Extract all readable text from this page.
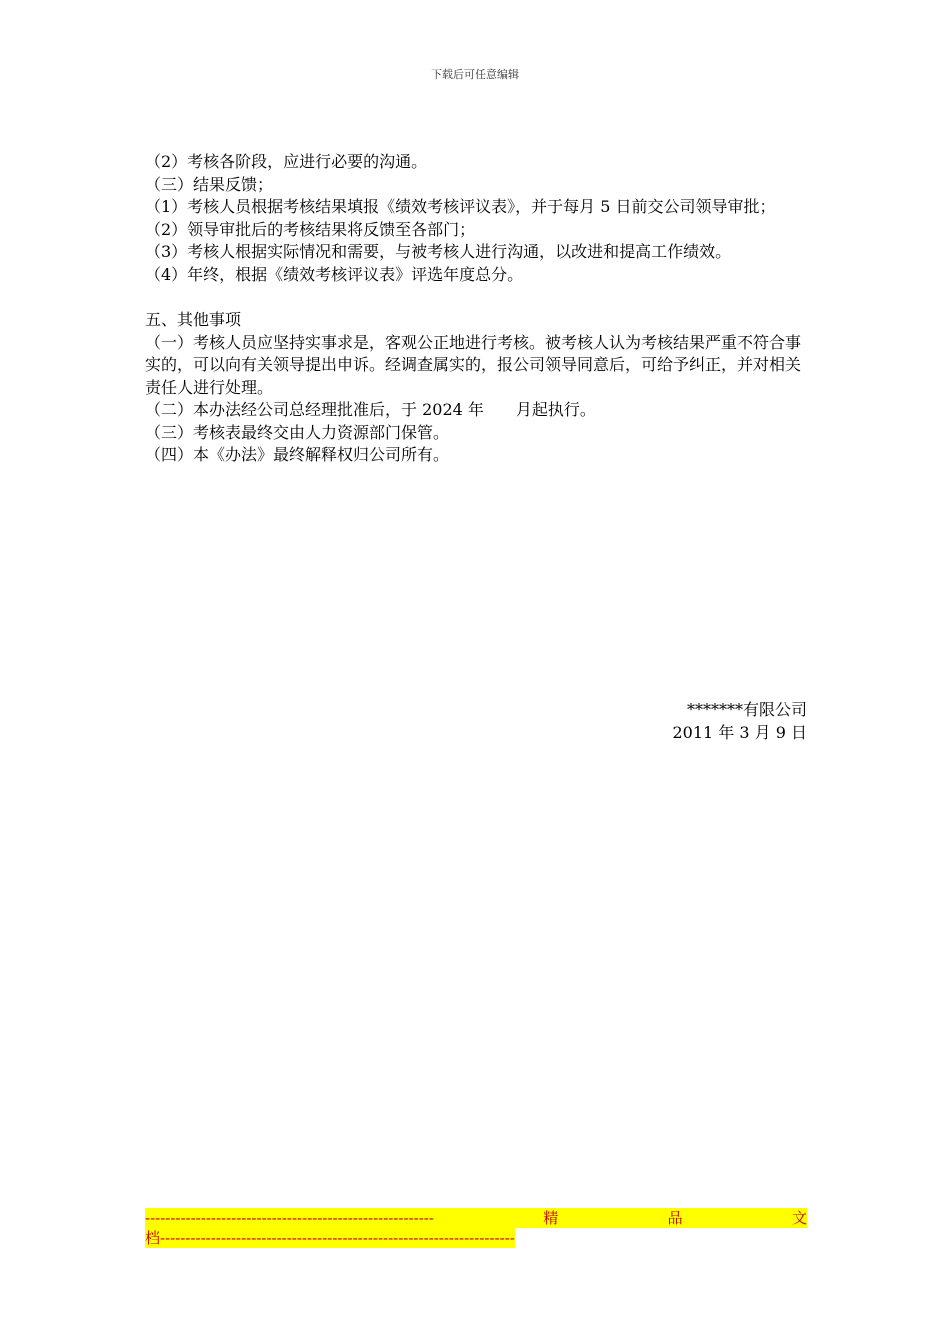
下载后可任意编辑

（2）考核各阶段，应进行必要的沟通。

（三）结果反馈；

（1）考核人员根据考核结果填报《绩效考核评议表》，并于每月 5 日前交公司领导审批；

（2）领导审批后的考核结果将反馈至各部门；

（3）考核人根据实际情况和需要，与被考核人进行沟通，以改进和提高工作绩效。

（4）年终，根据《绩效考核评议表》评选年度总分。

五、其他事项

（一）考核人员应坚持实事求是，客观公正地进行考核。被考核人认为考核结果严重不符合事实的，可以向有关领导提出申诉。经调查属实的，报公司领导同意后，可给予纠正，并对相关责任人进行处理。

（二）本办法经公司总经理批准后，于 2024 年　　月起执行。

（三）考核表最终交由人力资源部门保管。

（四）本《办法》最终解释权归公司所有。

*******有限公司

2011 年 3 月 9 日

---------------------------------------------------------	精	品	文
档----------------------------------------------------------------------
